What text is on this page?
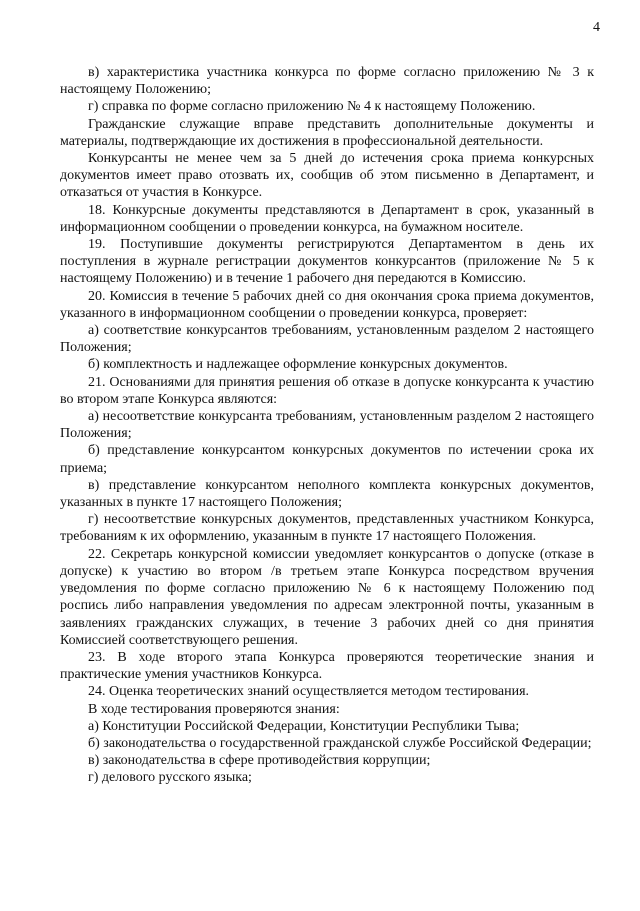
4

в) характеристика участника конкурса по форме согласно приложению № 3 к настоящему Положению;

г) справка по форме согласно приложению № 4 к настоящему Положению.

Гражданские служащие вправе представить дополнительные документы и материалы, подтверждающие их достижения в профессиональной деятельности.

Конкурсанты не менее чем за 5 дней до истечения срока приема конкурсных документов имеет право отозвать их, сообщив об этом письменно в Департамент, и отказаться от участия в Конкурсе.

18. Конкурсные документы представляются в Департамент в срок, указанный в информационном сообщении о проведении конкурса, на бумажном носителе.

19. Поступившие документы регистрируются Департаментом в день их поступления в журнале регистрации документов конкурсантов (приложение № 5 к настоящему Положению) и в течение 1 рабочего дня передаются в Комиссию.

20. Комиссия в течение 5 рабочих дней со дня окончания срока приема документов, указанного в информационном сообщении о проведении конкурса, проверяет:

а) соответствие конкурсантов требованиям, установленным разделом 2 настоящего Положения;

б) комплектность и надлежащее оформление конкурсных документов.

21. Основаниями для принятия решения об отказе в допуске конкурсанта к участию во втором этапе Конкурса являются:

а) несоответствие конкурсанта требованиям, установленным разделом 2 настоящего Положения;

б) представление конкурсантом конкурсных документов по истечении срока их приема;

в) представление конкурсантом неполного комплекта конкурсных документов, указанных в пункте 17 настоящего Положения;

г) несоответствие конкурсных документов, представленных участником Конкурса, требованиям к их оформлению, указанным в пункте 17 настоящего Положения.

22. Секретарь конкурсной комиссии уведомляет конкурсантов о допуске (отказе в допуске) к участию во втором /в третьем этапе Конкурса посредством вручения уведомления по форме согласно приложению № 6 к настоящему Положению под роспись либо направления уведомления по адресам электронной почты, указанным в заявлениях гражданских служащих, в течение 3 рабочих дней со дня принятия Комиссией соответствующего решения.

23. В ходе второго этапа Конкурса проверяются теоретические знания и практические умения участников Конкурса.

24. Оценка теоретических знаний осуществляется методом тестирования.

В ходе тестирования проверяются знания:

а) Конституции Российской Федерации, Конституции Республики Тыва;

б) законодательства о государственной гражданской службе Российской Федерации;

в) законодательства в сфере противодействия коррупции;

г) делового русского языка;
